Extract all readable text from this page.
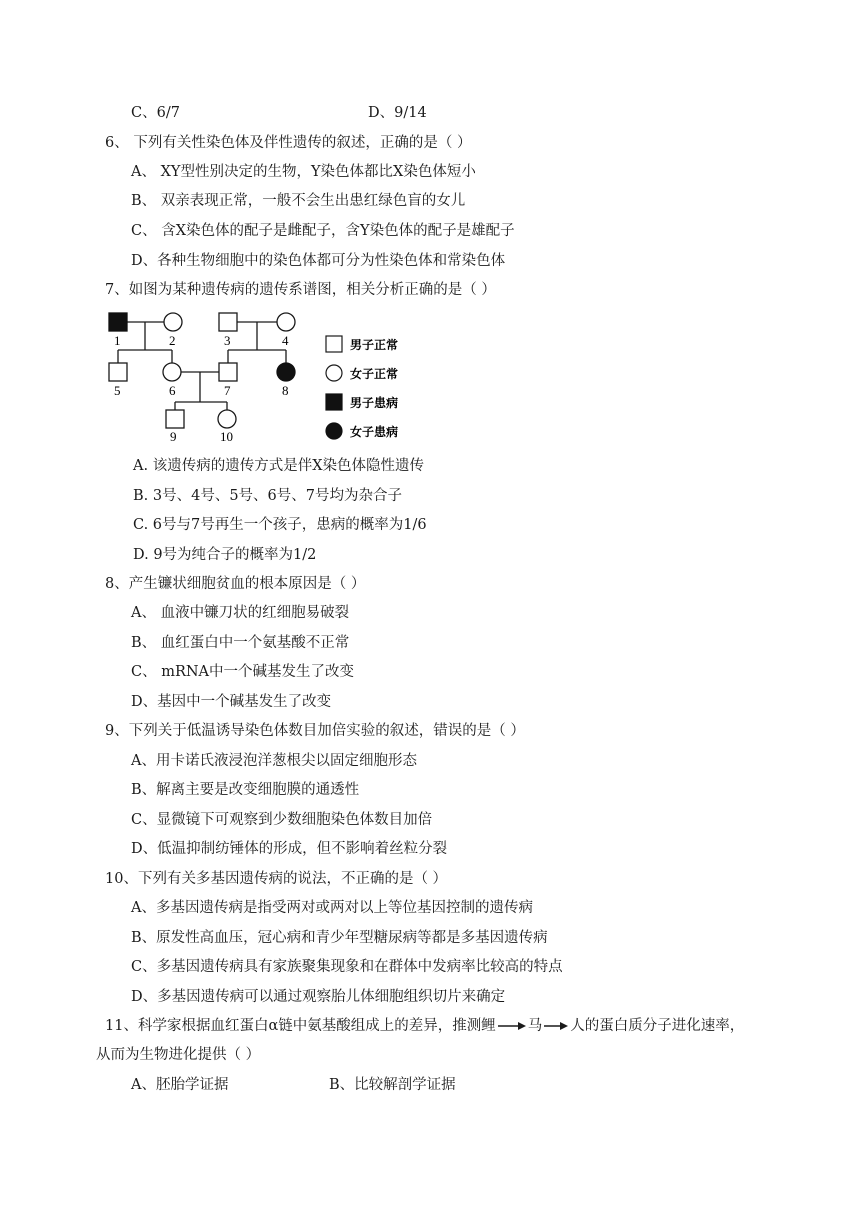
C、6/7	D、9/14
6、 下列有关性染色体及伴性遗传的叙述，正确的是（ ）
A、 XY型性别决定的生物，Y染色体都比X染色体短小
B、 双亲表现正常，一般不会生出患红绿色盲的女儿
C、 含X染色体的配子是雌配子，含Y染色体的配子是雄配子
D、各种生物细胞中的染色体都可分为性染色体和常染色体
7、如图为某种遗传病的遗传系谱图，相关分析正确的是（ ）
1	2	3	4
5	6	7	8
9	10
男子正常
女子正常
男子患病
女子患病
A. 该遗传病的遗传方式是伴X染色体隐性遗传
B. 3号、4号、5号、6号、7号均为杂合子
C. 6号与7号再生一个孩子，患病的概率为1/6
D. 9号为纯合子的概率为1/2
8、产生镰状细胞贫血的根本原因是（ ）
A、 血液中镰刀状的红细胞易破裂
B、 血红蛋白中一个氨基酸不正常
C、 mRNA中一个碱基发生了改变
D、基因中一个碱基发生了改变
9、下列关于低温诱导染色体数目加倍实验的叙述，错误的是（ ）
A、用卡诺氏液浸泡洋葱根尖以固定细胞形态
B、解离主要是改变细胞膜的通透性
C、显微镜下可观察到少数细胞染色体数目加倍
D、低温抑制纺锤体的形成，但不影响着丝粒分裂
10、下列有关多基因遗传病的说法，不正确的是（ ）
A、多基因遗传病是指受两对或两对以上等位基因控制的遗传病
B、原发性高血压，冠心病和青少年型糖尿病等都是多基因遗传病
C、多基因遗传病具有家族聚集现象和在群体中发病率比较高的特点
D、多基因遗传病可以通过观察胎儿体细胞组织切片来确定
11、科学家根据血红蛋白α链中氨基酸组成上的差异，推测鲤 马 人的蛋白质分子进化速率，
从而为生物进化提供（ ）
A、胚胎学证据	B、比较解剖学证据
